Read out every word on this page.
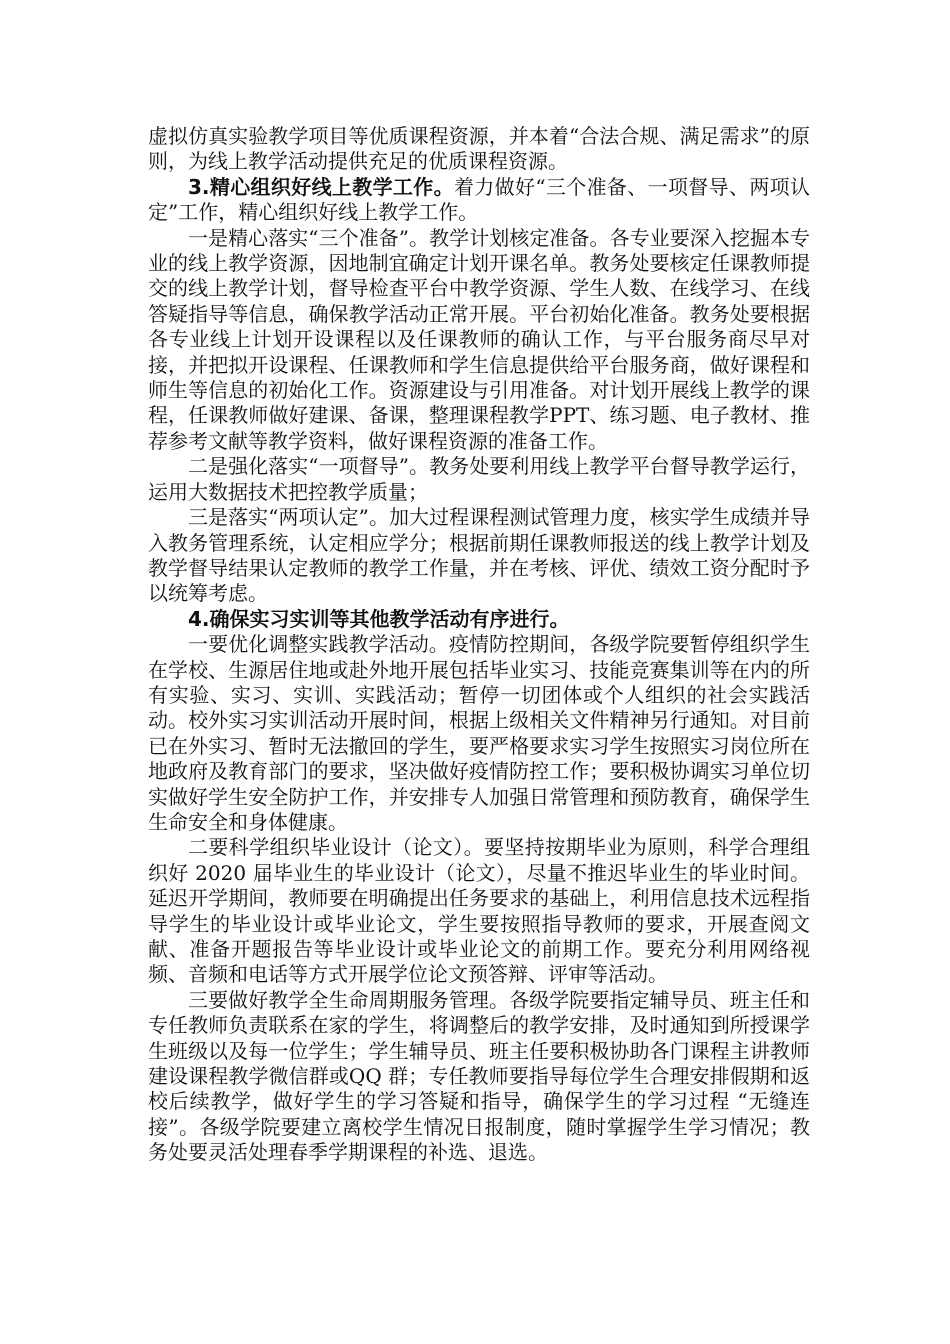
虚拟仿真实验教学项目等优质课程资源，并本着“合法合规、满足需求”的原则，为线上教学活动提供充足的优质课程资源。

3.精心组织好线上教学工作。着力做好“三个准备、一项督导、两项认定”工作，精心组织好线上教学工作。

一是精心落实“三个准备”。教学计划核定准备。各专业要深入挖掘本专业的线上教学资源，因地制宜确定计划开课名单。教务处要核定任课教师提交的线上教学计划，督导检查平台中教学资源、学生人数、在线学习、在线答疑指导等信息，确保教学活动正常开展。平台初始化准备。教务处要根据各专业线上计划开设课程以及任课教师的确认工作，与平台服务商尽早对接，并把拟开设课程、任课教师和学生信息提供给平台服务商，做好课程和师生等信息的初始化工作。资源建设与引用准备。对计划开展线上教学的课程，任课教师做好建课、备课，整理课程教学PPT、练习题、电子教材、推荐参考文献等教学资料，做好课程资源的准备工作。

二是强化落实“一项督导”。教务处要利用线上教学平台督导教学运行，运用大数据技术把控教学质量；

三是落实“两项认定”。加大过程课程测试管理力度，核实学生成绩并导入教务管理系统，认定相应学分；根据前期任课教师报送的线上教学计划及教学督导结果认定教师的教学工作量，并在考核、评优、绩效工资分配时予以统筹考虑。

4.确保实习实训等其他教学活动有序进行。

一要优化调整实践教学活动。疫情防控期间，各级学院要暂停组织学生在学校、生源居住地或赴外地开展包括毕业实习、技能竞赛集训等在内的所有实验、实习、实训、实践活动；暂停一切团体或个人组织的社会实践活动。校外实习实训活动开展时间，根据上级相关文件精神另行通知。对目前已在外实习、暂时无法撤回的学生，要严格要求实习学生按照实习岗位所在地政府及教育部门的要求，坚决做好疫情防控工作；要积极协调实习单位切实做好学生安全防护工作，并安排专人加强日常管理和预防教育，确保学生生命安全和身体健康。

二要科学组织毕业设计（论文）。要坚持按期毕业为原则，科学合理组织好 2020 届毕业生的毕业设计（论文），尽量不推迟毕业生的毕业时间。延迟开学期间，教师要在明确提出任务要求的基础上，利用信息技术远程指导学生的毕业设计或毕业论文，学生要按照指导教师的要求，开展查阅文献、准备开题报告等毕业设计或毕业论文的前期工作。要充分利用网络视频、音频和电话等方式开展学位论文预答辩、评审等活动。

三要做好教学全生命周期服务管理。各级学院要指定辅导员、班主任和专任教师负责联系在家的学生，将调整后的教学安排，及时通知到所授课学生班级以及每一位学生；学生辅导员、班主任要积极协助各门课程主讲教师建设课程教学微信群或QQ 群；专任教师要指导每位学生合理安排假期和返校后续教学，做好学生的学习答疑和指导，确保学生的学习过程 “无缝连接”。各级学院要建立离校学生情况日报制度，随时掌握学生学习情况；教务处要灵活处理春季学期课程的补选、退选。
